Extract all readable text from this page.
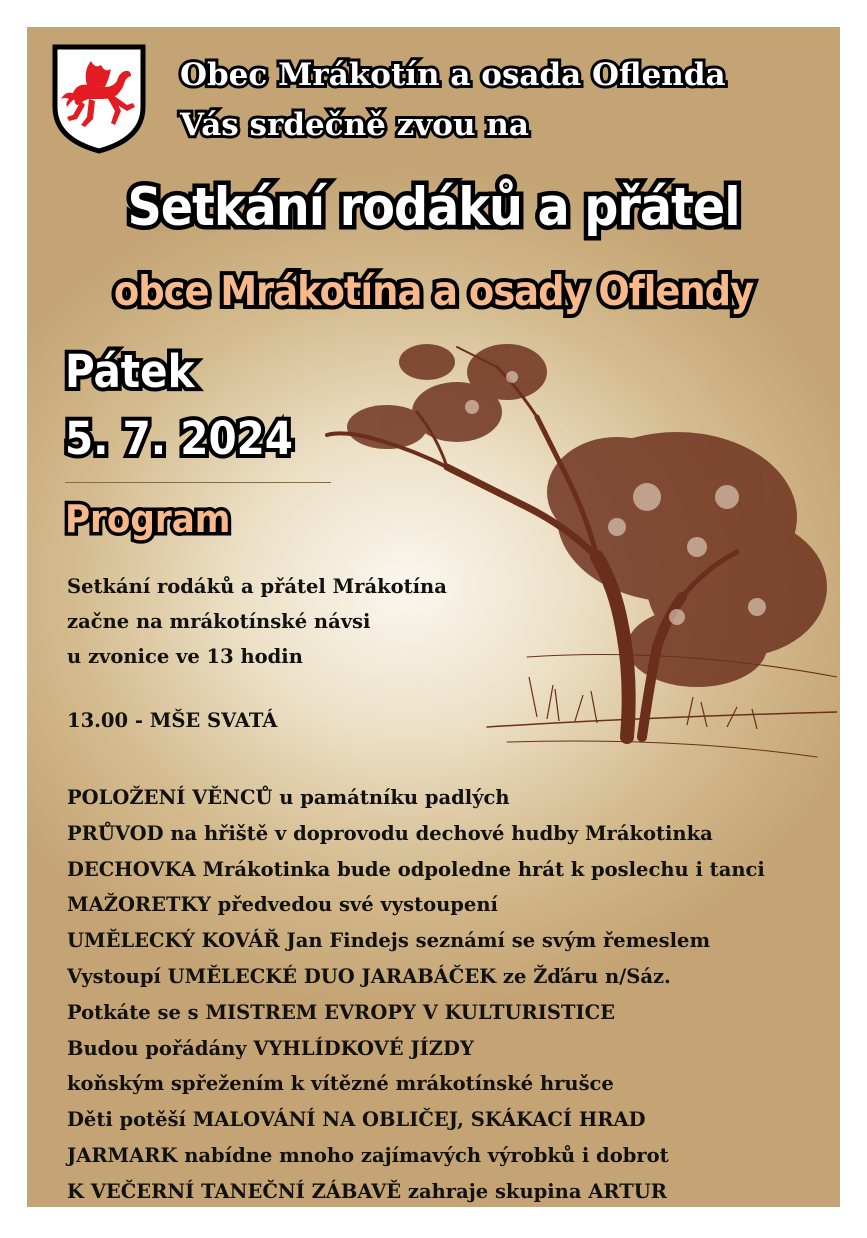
Obec Mrákotín a osada Oflenda
Vás srdečně zvou na
Setkání rodáků a přátel
obce Mrákotína a osady Oflendy
Pátek
5. 7. 2024
Program
Setkání rodáků a přátel Mrákotína
začne na mrákotínské návsi
u zvonice ve 13 hodin
13.00 - MŠE SVATÁ
POLOŽENÍ VĚNCŮ u památníku padlých
PRŮVOD na hřiště v doprovodu dechové hudby Mrákotinka
DECHOVKA Mrákotinka bude odpoledne hrát k poslechu i tanci
MAŽORETKY předvedou své vystoupení
UMĚLECKÝ KOVÁŘ Jan Findejs seznámí se svým řemeslem
Vystoupí UMĚLECKÉ DUO JARABÁČEK ze Žďáru n/Sáz.
Potkáte se s MISTREM EVROPY V KULTURISTICE
Budou pořádány VYHLÍDKOVÉ JÍZDY
koňským spřežením k vítězné mrákotínské hrušce
Děti potěší MALOVÁNÍ NA OBLIČEJ, SKÁKACÍ HRAD
JARMARK nabídne mnoho zajímavých výrobků i dobrot
K VEČERNÍ TANEČNÍ ZÁBAVĚ zahraje skupina ARTUR
